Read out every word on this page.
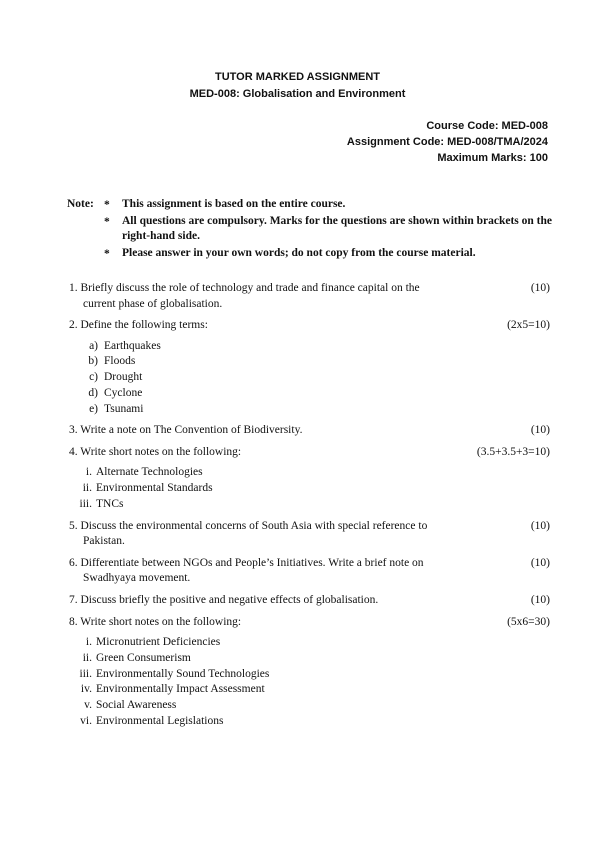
TUTOR MARKED ASSIGNMENT
MED-008: Globalisation and Environment
Course Code: MED-008
Assignment Code: MED-008/TMA/2024
Maximum Marks: 100
Note: * This assignment is based on the entire course.
* All questions are compulsory. Marks for the questions are shown within brackets on the right-hand side.
* Please answer in your own words; do not copy from the course material.
1. Briefly discuss the role of technology and trade and finance capital on the current phase of globalisation.
(10)
2. Define the following terms:	(2x5=10)
a) Earthquakes
b) Floods
c) Drought
d) Cyclone
e) Tsunami
3. Write a note on The Convention of Biodiversity.	(10)
4. Write short notes on the following:	(3.5+3.5+3=10)
i. Alternate Technologies
ii. Environmental Standards
iii. TNCs
5. Discuss the environmental concerns of South Asia with special reference to Pakistan.
(10)
6. Differentiate between NGOs and People’s Initiatives. Write a brief note on Swadhyaya movement.
(10)
7. Discuss briefly the positive and negative effects of globalisation.	(10)
8. Write short notes on the following:	(5x6=30)
i. Micronutrient Deficiencies
ii. Green Consumerism
iii. Environmentally Sound Technologies
iv. Environmentally Impact Assessment
v. Social Awareness
vi. Environmental Legislations
